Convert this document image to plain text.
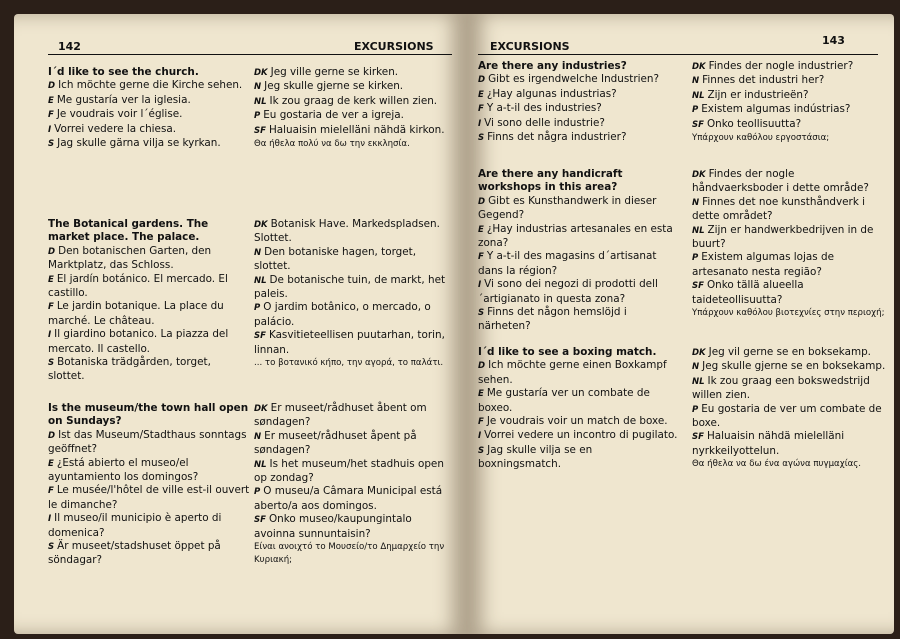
142	EXCURSIONS
I´d like to see the church.
D Ich möchte gerne die Kirche sehen.
E Me gustaría ver la iglesia.
F Je voudrais voir l´église.
I Vorrei vedere la chiesa.
S Jag skulle gärna vilja se kyrkan.
DK Jeg ville gerne se kirken.
N Jeg skulle gjerne se kirken.
NL Ik zou graag de kerk willen zien.
P Eu gostaria de ver a igreja.
SF Haluaisin mielelläni nähdä kirkon.
Θα ήθελα πολύ να δω την εκκλησία.
The Botanical gardens. The market place. The palace.
D Den botanischen Garten, den Marktplatz, das Schloss.
E El jardín botánico. El mercado. El castillo.
F Le jardin botanique. La place du marché. Le château.
I Il giardino botanico. La piazza del mercato. Il castello.
S Botaniska trädgården, torget, slottet.
DK Botanisk Have. Markedspladsen. Slottet.
N Den botaniske hagen, torget, slottet.
NL De botanische tuin, de markt, het paleis.
P O jardim botânico, o mercado, o palácio.
SF Kasvitieteellisen puutarhan, torin, linnan.
... το βοτανικό κήπο, την αγορά, το παλάτι.
Is the museum/the town hall open on Sundays?
D Ist das Museum/Stadthaus sonntags geöffnet?
E ¿Está abierto el museo/el ayuntamiento los domingos?
F Le musée/l'hôtel de ville est-il ouvert le dimanche?
I Il museo/il municipio è aperto di domenica?
S Är museet/stadshuset öppet på söndagar?
DK Er museet/rådhuset åbent om søndagen?
N Er museet/rådhuset åpent på søndagen?
NL Is het museum/het stadhuis open op zondag?
P O museu/a Câmara Municipal está aberto/a aos domingos.
SF Onko museo/kaupungintalo avoinna sunnuntaisin?
Είναι ανοιχτό το Μουσείο/το Δημαρχείο την Κυριακή;
EXCURSIONS	143
Are there any industries?
D Gibt es irgendwelche Industrien?
E ¿Hay algunas industrias?
F Y a-t-il des industries?
I Vi sono delle industrie?
S Finns det några industrier?
DK Findes der nogle industrier?
N Finnes det industri her?
NL Zijn er industrieën?
P Existem algumas indústrias?
SF Onko teollisuutta?
Υπάρχουν καθόλου εργοστάσια;
Are there any handicraft workshops in this area?
D Gibt es Kunsthandwerk in dieser Gegend?
E ¿Hay industrias artesanales en esta zona?
F Y a-t-il des magasins d´artisanat dans la région?
I Vi sono dei negozi di prodotti dell´artigianato in questa zona?
S Finns det någon hemslöjd i närheten?
DK Findes der nogle håndvaerksboder i dette område?
N Finnes det noe kunsthåndverk i dette området?
NL Zijn er handwerkbedrijven in de buurt?
P Existem algumas lojas de artesanato nesta região?
SF Onko tällä alueella taideteollisuutta?
Υπάρχουν καθόλου βιοτεχνίες στην περιοχή;
I´d like to see a boxing match.
D Ich möchte gerne einen Boxkampf sehen.
E Me gustaría ver un combate de boxeo.
F Je voudrais voir un match de boxe.
I Vorrei vedere un incontro di pugilato.
S Jag skulle vilja se en boxningsmatch.
DK Jeg vil gerne se en boksekamp.
N Jeg skulle gjerne se en boksekamp.
NL Ik zou graag een bokswedstrijd willen zien.
P Eu gostaria de ver um combate de boxe.
SF Haluaisin nähdä mielelläni nyrkkeilyottelun.
Θα ήθελα να δω ένα αγώνα πυγμαχίας.
